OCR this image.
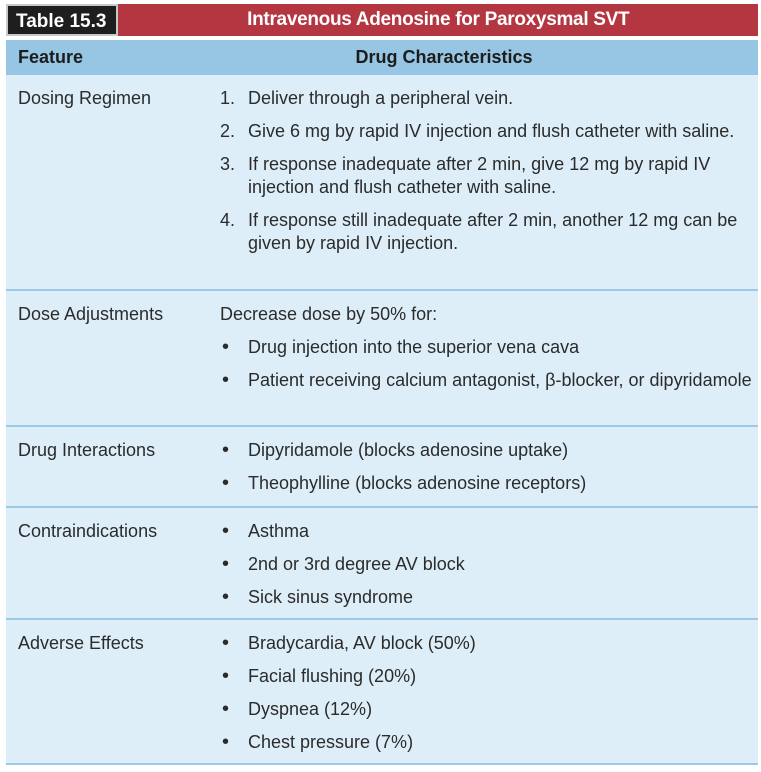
Table 15.3	Intravenous Adenosine for Paroxysmal SVT
Feature	Drug Characteristics
Dosing Regimen	1. Deliver through a peripheral vein.
2. Give 6 mg by rapid IV injection and flush catheter with saline.
3. If response inadequate after 2 min, give 12 mg by rapid IV injection and flush catheter with saline.
4. If response still inadequate after 2 min, another 12 mg can be given by rapid IV injection.
Dose Adjustments	Decrease dose by 50% for:
•	Drug injection into the superior vena cava
•	Patient receiving calcium antagonist, β-blocker, or dipyridamole
Drug Interactions	•	Dipyridamole (blocks adenosine uptake)
•	Theophylline (blocks adenosine receptors)
Contraindications	•	Asthma
•	2nd or 3rd degree AV block
•	Sick sinus syndrome
Adverse Effects	•	Bradycardia, AV block (50%)
•	Facial flushing (20%)
•	Dyspnea (12%)
•	Chest pressure (7%)
